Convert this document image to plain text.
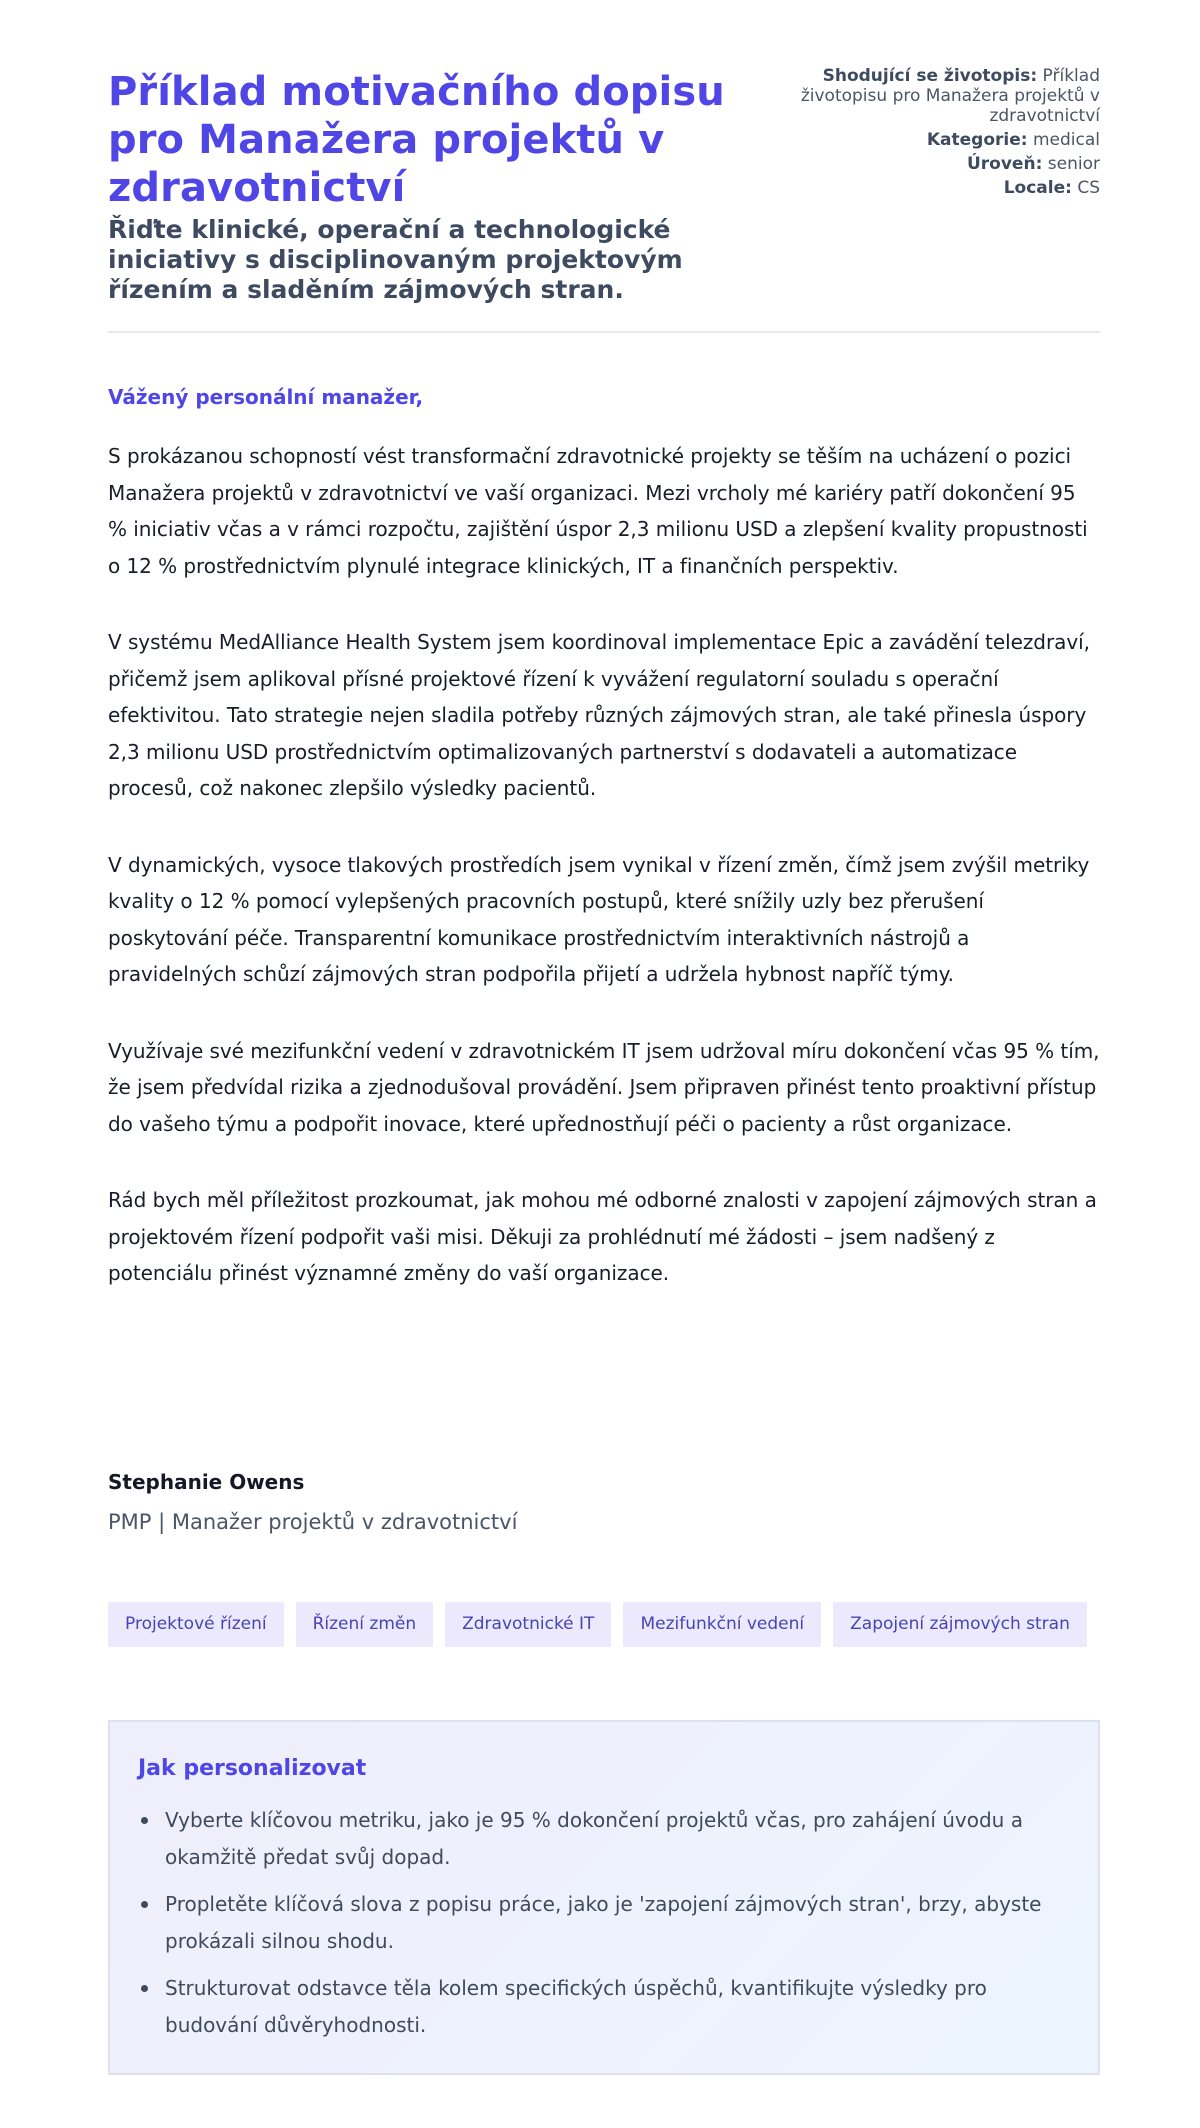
Příklad motivačního dopisu pro Manažera projektů v zdravotnictví
Řiďte klinické, operační a technologické iniciativy s disciplinovaným projektovým řízením a sladěním zájmových stran.
Shodující se životopis: Příklad životopisu pro Manažera projektů v zdravotnictví
Kategorie: medical
Úroveň: senior
Locale: CS
Vážený personální manažer,

S prokázanou schopností vést transformační zdravotnické projekty se těším na ucházení o pozici Manažera projektů v zdravotnictví ve vaší organizaci. Mezi vrcholy mé kariéry patří dokončení 95 % iniciativ včas a v rámci rozpočtu, zajištění úspor 2,3 milionu USD a zlepšení kvality propustnosti o 12 % prostřednictvím plynulé integrace klinických, IT a finančních perspektiv.

V systému MedAlliance Health System jsem koordinoval implementace Epic a zavádění telezdraví, přičemž jsem aplikoval přísné projektové řízení k vyvážení regulatorní souladu s operační efektivitou. Tato strategie nejen sladila potřeby různých zájmových stran, ale také přinesla úspory 2,3 milionu USD prostřednictvím optimalizovaných partnerství s dodavateli a automatizace procesů, což nakonec zlepšilo výsledky pacientů.

V dynamických, vysoce tlakových prostředích jsem vynikal v řízení změn, čímž jsem zvýšil metriky kvality o 12 % pomocí vylepšených pracovních postupů, které snížily uzly bez přerušení poskytování péče. Transparentní komunikace prostřednictvím interaktivních nástrojů a pravidelných schůzí zájmových stran podpořila přijetí a udržela hybnost napříč týmy.

Využívaje své mezifunkční vedení v zdravotnickém IT jsem udržoval míru dokončení včas 95 % tím, že jsem předvídal rizika a zjednodušoval provádění. Jsem připraven přinést tento proaktivní přístup do vašeho týmu a podpořit inovace, které upřednostňují péči o pacienty a růst organizace.

Rád bych měl příležitost prozkoumat, jak mohou mé odborné znalosti v zapojení zájmových stran a projektovém řízení podpořit vaši misi. Děkuji za prohlédnutí mé žádosti – jsem nadšený z potenciálu přinést významné změny do vaší organizace.

Stephanie Owens
PMP | Manažer projektů v zdravotnictví
Projektové řízení	Řízení změn	Zdravotnické IT	Mezifunkční vedení	Zapojení zájmových stran
Jak personalizovat
Vyberte klíčovou metriku, jako je 95 % dokončení projektů včas, pro zahájení úvodu a okamžitě předat svůj dopad.
Propletěte klíčová slova z popisu práce, jako je 'zapojení zájmových stran', brzy, abyste prokázali silnou shodu.
Strukturovat odstavce těla kolem specifických úspěchů, kvantifikujte výsledky pro budování důvěryhodnosti.
